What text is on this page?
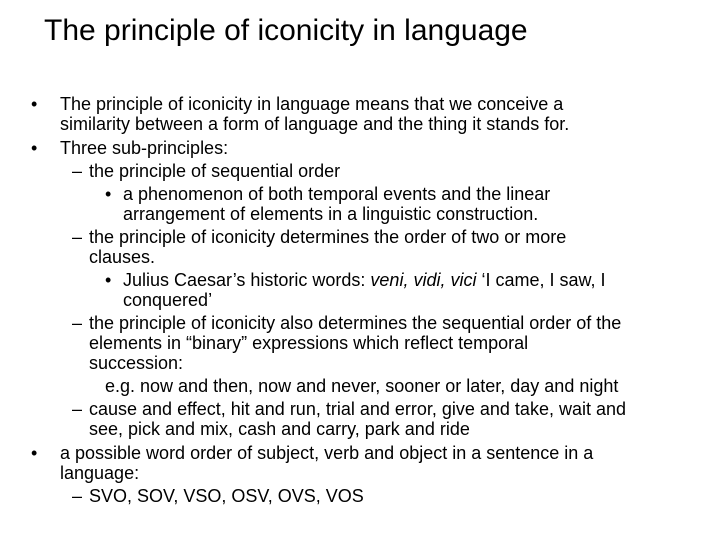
The principle of iconicity in language
• The principle of iconicity in language means that we conceive a
similarity between a form of language and the thing it stands for.
• Three sub-principles:
– the principle of sequential order
• a phenomenon of both temporal events and the linear
arrangement of elements in a linguistic construction.
– the principle of iconicity determines the order of two or more
clauses.
• Julius Caesar’s historic words: veni, vidi, vici ‘I came, I saw, I
conquered’
– the principle of iconicity also determines the sequential order of the
elements in “binary” expressions which reflect temporal
succession:
e.g. now and then, now and never, sooner or later, day and night
– cause and effect, hit and run, trial and error, give and take, wait and
see, pick and mix, cash and carry, park and ride
• a possible word order of subject, verb and object in a sentence in a
language:
– SVO, SOV, VSO, OSV, OVS, VOS
